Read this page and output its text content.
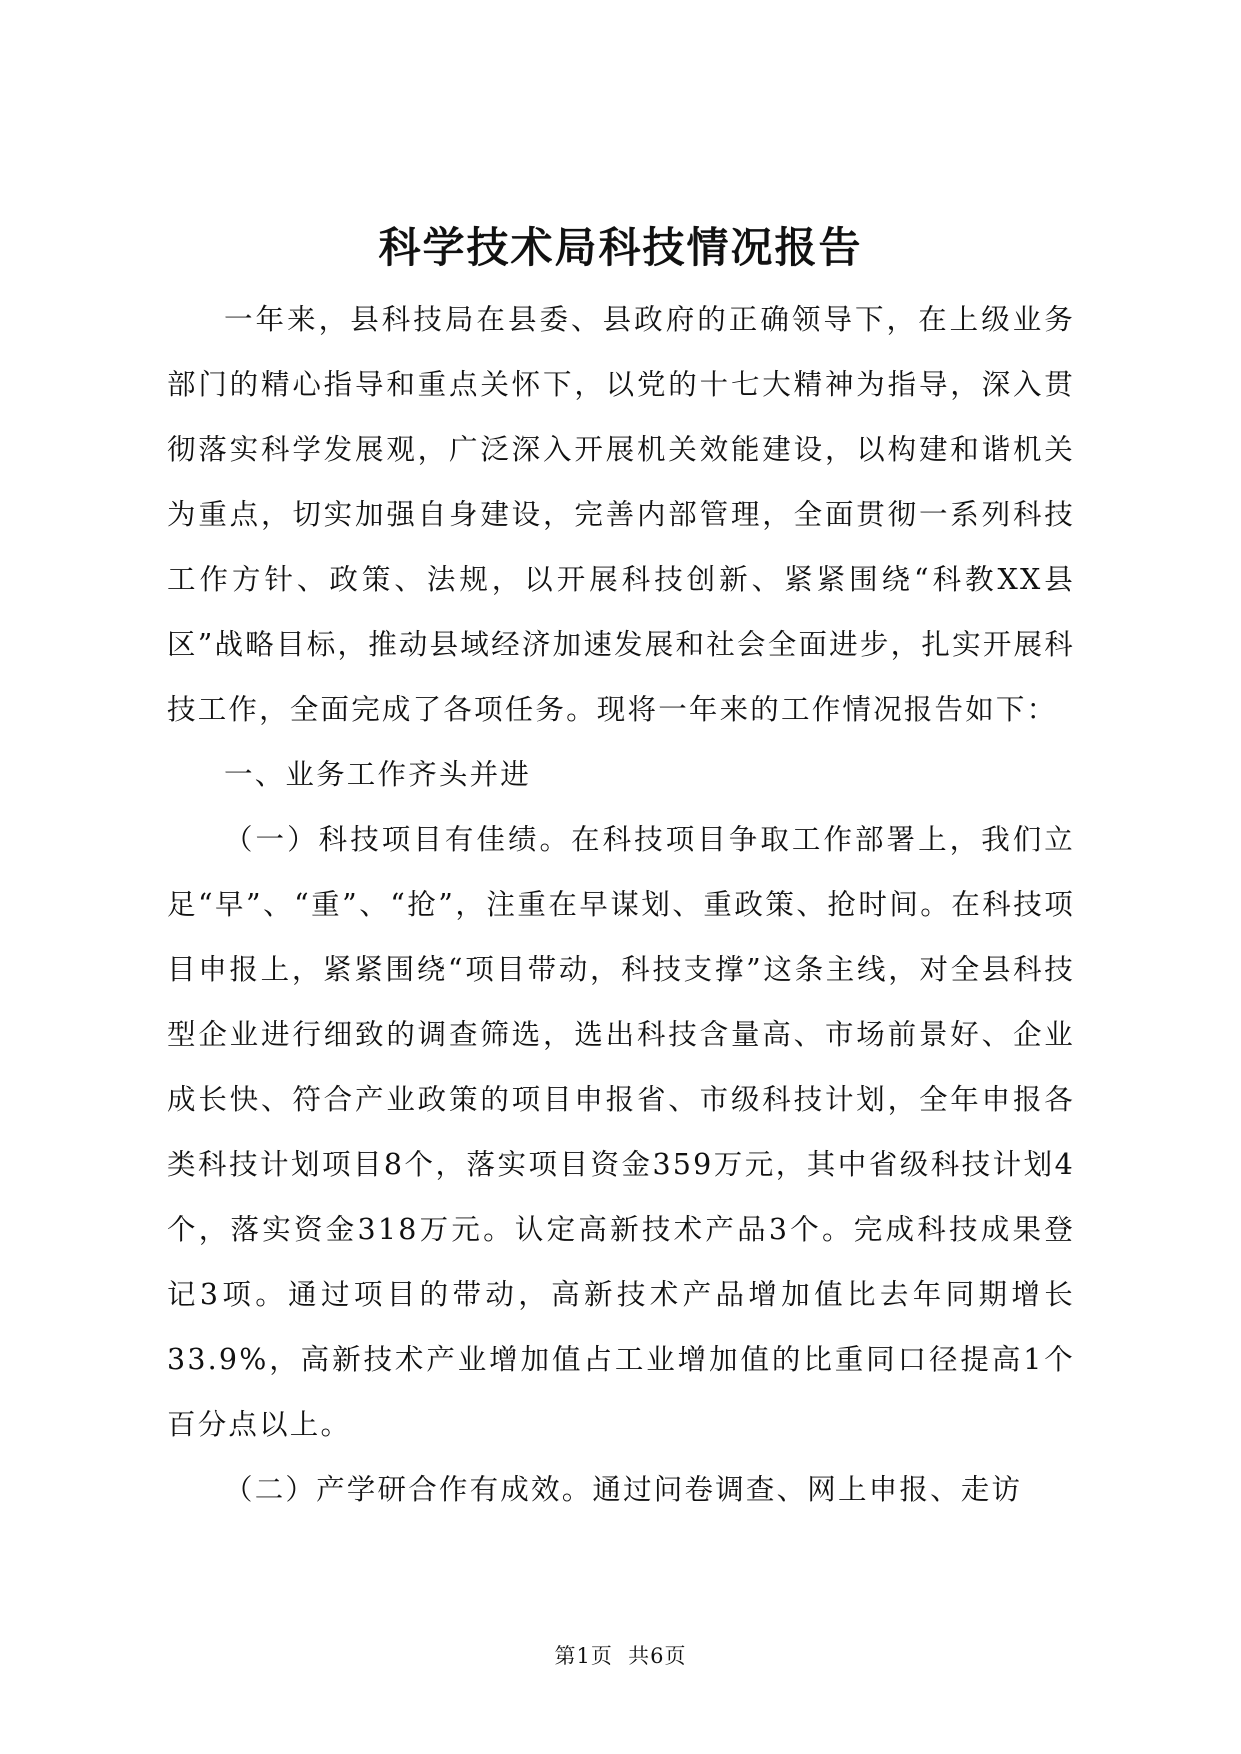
科学技术局科技情况报告

一年来，县科技局在县委、县政府的正确领导下，在上级业务部门的精心指导和重点关怀下，以党的十七大精神为指导，深入贯彻落实科学发展观，广泛深入开展机关效能建设，以构建和谐机关为重点，切实加强自身建设，完善内部管理，全面贯彻一系列科技工作方针、政策、法规，以开展科技创新、紧紧围绕“科教XX县区”战略目标，推动县域经济加速发展和社会全面进步，扎实开展科技工作，全面完成了各项任务。现将一年来的工作情况报告如下：

一、业务工作齐头并进

（一）科技项目有佳绩。在科技项目争取工作部署上，我们立足“早”、“重”、“抢”，注重在早谋划、重政策、抢时间。在科技项目申报上，紧紧围绕“项目带动，科技支撑”这条主线，对全县科技型企业进行细致的调查筛选，选出科技含量高、市场前景好、企业成长快、符合产业政策的项目申报省、市级科技计划，全年申报各类科技计划项目8个，落实项目资金359万元，其中省级科技计划4个，落实资金318万元。认定高新技术产品3个。完成科技成果登记3项。通过项目的带动，高新技术产品增加值比去年同期增长33.9%，高新技术产业增加值占工业增加值的比重同口径提高1个百分点以上。

（二）产学研合作有成效。通过问卷调查、网上申报、走访

第1页  共6页
